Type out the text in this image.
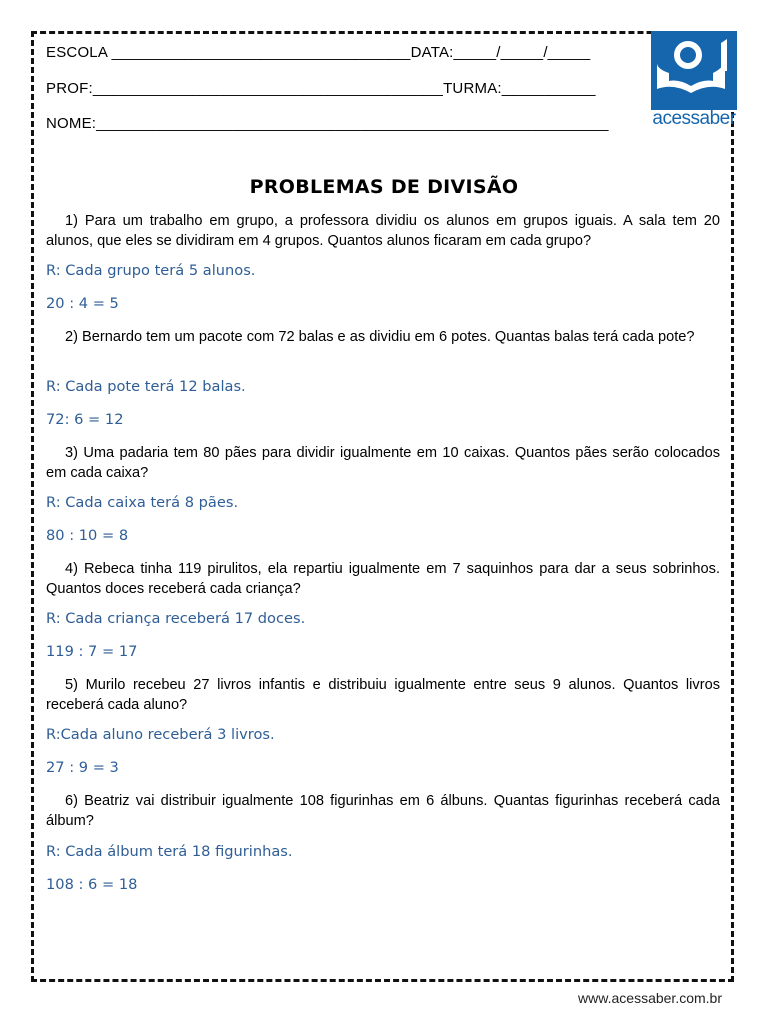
ESCOLA ___________________________________DATA:_____/_____/_____
PROF:_________________________________________TURMA:___________
NOME:____________________________________________________________ acessaber
PROBLEMAS DE DIVISÃO
1) Para um trabalho em grupo, a professora dividiu os alunos em grupos iguais. A sala tem 20 alunos, que eles se dividiram em 4 grupos. Quantos alunos ficaram em cada grupo?
R: Cada grupo terá 5 alunos.
20 : 4 = 5
2) Bernardo tem um pacote com 72 balas e as dividiu em 6 potes. Quantas balas terá cada pote?
R: Cada pote terá 12 balas.
72: 6 = 12
3) Uma padaria tem 80 pães para dividir igualmente em 10 caixas. Quantos pães serão colocados em cada caixa?
R: Cada caixa terá 8 pães.
80 : 10 = 8
4) Rebeca tinha 119 pirulitos, ela repartiu igualmente em 7 saquinhos para dar a seus sobrinhos. Quantos doces receberá cada criança?
R: Cada criança receberá 17 doces.
119 : 7 = 17
5) Murilo recebeu 27 livros infantis e distribuiu igualmente entre seus 9 alunos. Quantos livros receberá cada aluno?
R:Cada aluno receberá 3 livros.
27 : 9 = 3
6) Beatriz vai distribuir igualmente 108 figurinhas em 6 álbuns. Quantas figurinhas receberá cada álbum?
R: Cada álbum terá 18 figurinhas.
108 : 6 = 18
www.acessaber.com.br
